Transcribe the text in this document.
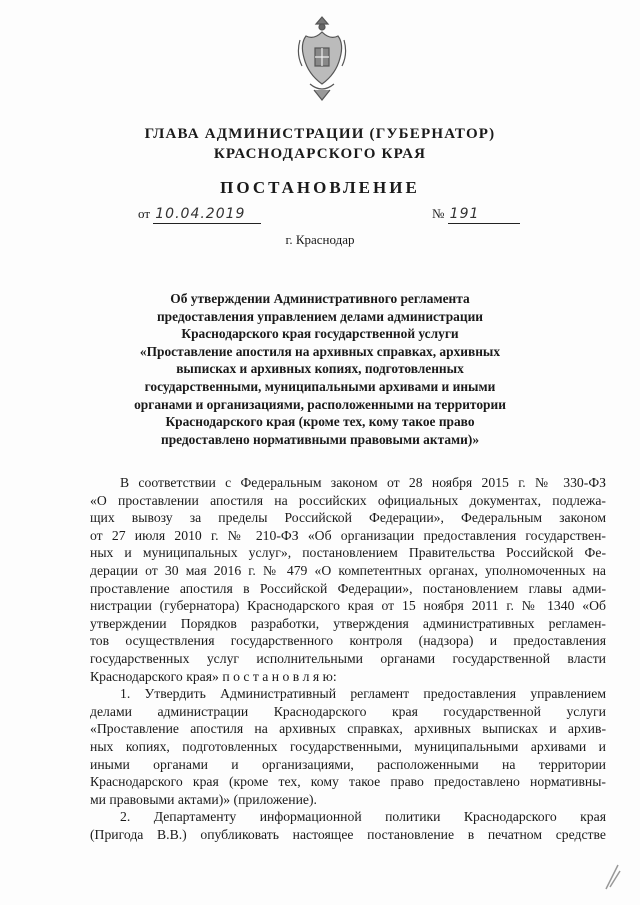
ГЛАВА АДМИНИСТРАЦИИ (ГУБЕРНАТОР)
КРАСНОДАРСКОГО КРАЯ
ПОСТАНОВЛЕНИЕ
от 10.04.2019	№ 191
г. Краснодар
Об утверждении Административного регламента
предоставления управлением делами администрации
Краснодарского края государственной услуги
«Проставление апостиля на архивных справках, архивных
выписках и архивных копиях, подготовленных
государственными, муниципальными архивами и иными
органами и организациями, расположенными на территории
Краснодарского края (кроме тех, кому такое право
предоставлено нормативными правовыми актами)»
В соответствии с Федеральным законом от 28 ноября 2015 г. № 330-ФЗ
«О проставлении апостиля на российских официальных документах, подлежа-
щих вывозу за пределы Российской Федерации», Федеральным законом
от 27 июля 2010 г. № 210-ФЗ «Об организации предоставления государствен-
ных и муниципальных услуг», постановлением Правительства Российской Фе-
дерации от 30 мая 2016 г. № 479 «О компетентных органах, уполномоченных на
проставление апостиля в Российской Федерации», постановлением главы адми-
нистрации (губернатора) Краснодарского края от 15 ноября 2011 г. № 1340 «Об
утверждении Порядков разработки, утверждения административных регламен-
тов осуществления государственного контроля (надзора) и предоставления
государственных услуг исполнительными органами государственной власти
Краснодарского края» п о с т а н о в л я ю:
1. Утвердить Административный регламент предоставления управлением
делами администрации Краснодарского края государственной услуги
«Проставление апостиля на архивных справках, архивных выписках и архив-
ных копиях, подготовленных государственными, муниципальными архивами и
иными органами и организациями, расположенными на территории
Краснодарского края (кроме тех, кому такое право предоставлено нормативны-
ми правовыми актами)» (приложение).
2. Департаменту информационной политики Краснодарского края
(Пригода В.В.) опубликовать настоящее постановление в печатном средстве
